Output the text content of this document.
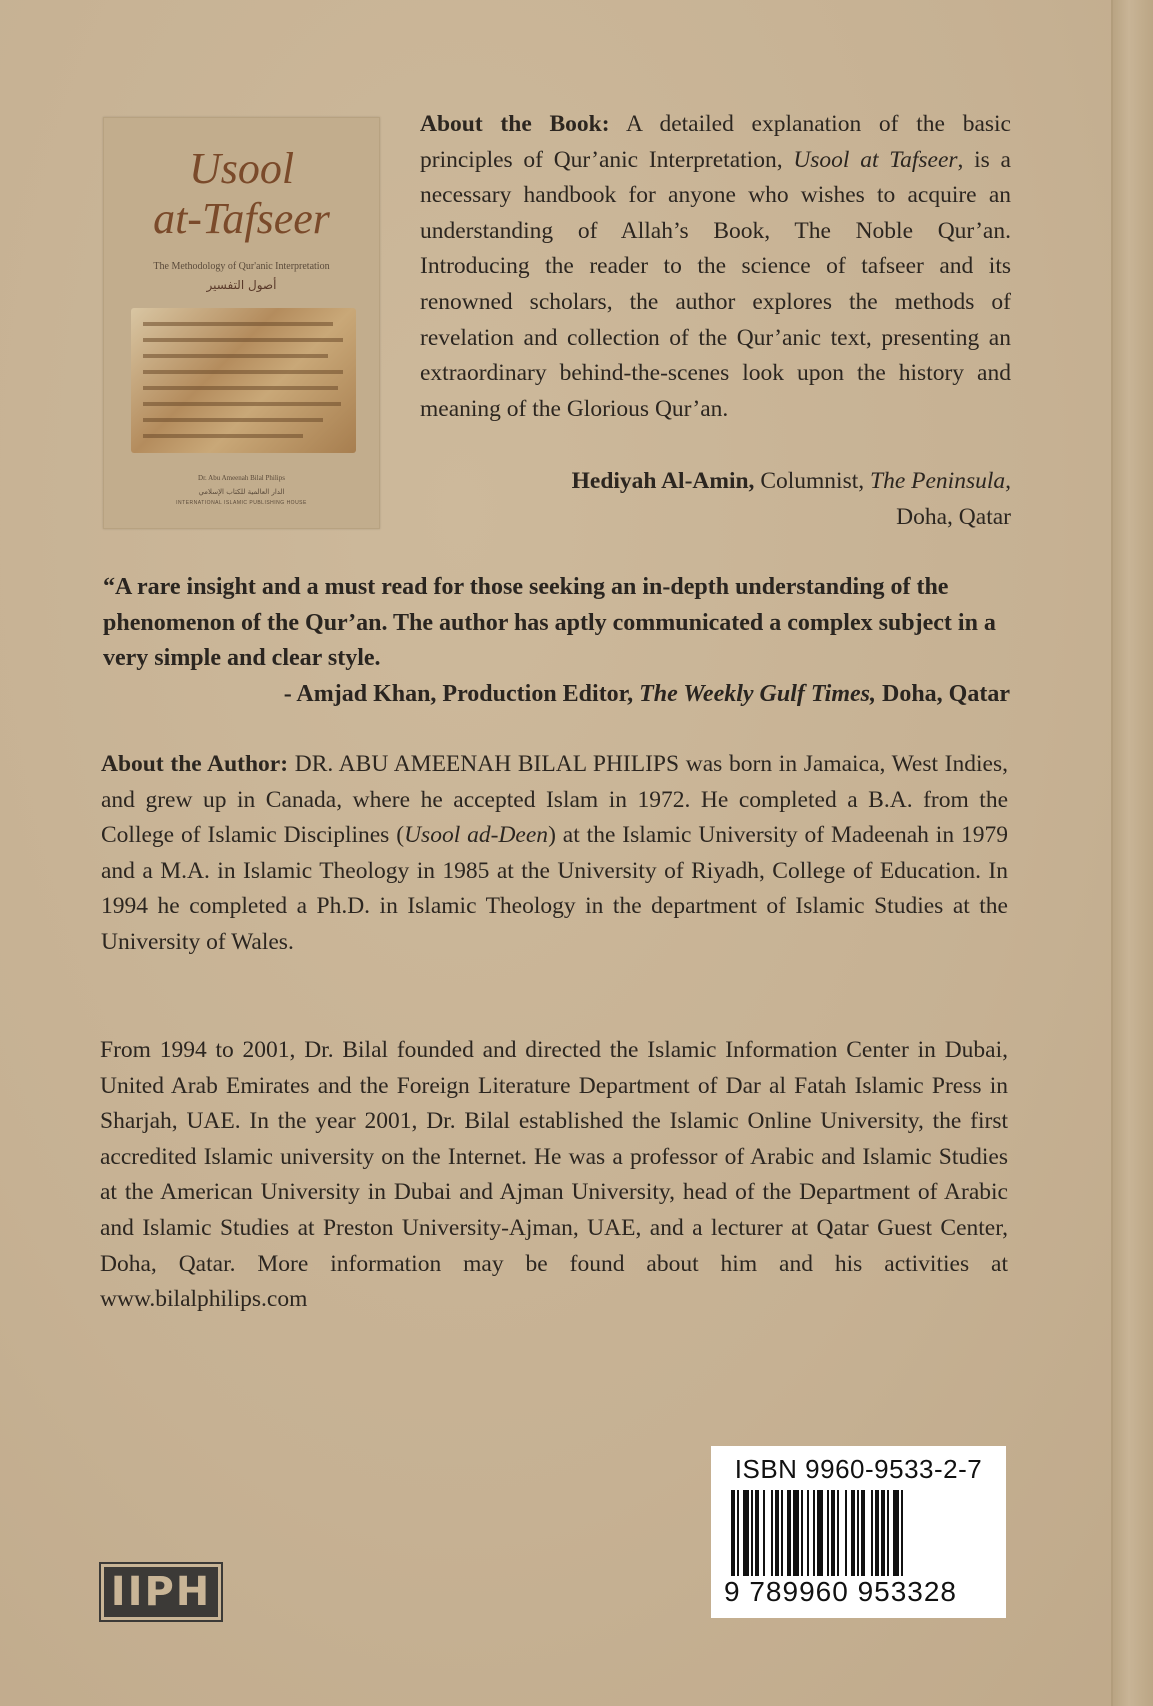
Usool
at-Tafseer
The Methodology of Qur'anic Interpretation
أصول التفسير
Dr. Abu Ameenah Bilal Philips
الدار العالمية للكتاب الإسلامي
INTERNATIONAL ISLAMIC PUBLISHING HOUSE
About the Book: A detailed explanation of the basic principles of Qur’anic Interpretation, Usool at Tafseer, is a necessary handbook for anyone who wishes to acquire an understanding of Allah’s Book, The Noble Qur’an. Introducing the reader to the science of tafseer and its renowned scholars, the author explores the methods of revelation and collection of the Qur’anic text, presenting an extraordinary behind-the-scenes look upon the history and meaning of the Glorious Qur’an.
Hediyah Al-Amin, Columnist, The Peninsula,
Doha, Qatar
“A rare insight and a must read for those seeking an in-depth understanding of the phenomenon of the Qur’an. The author has aptly communicated a complex subject in a very simple and clear style.
- Amjad Khan, Production Editor, The Weekly Gulf Times, Doha, Qatar
About the Author: DR. ABU AMEENAH BILAL PHILIPS was born in Jamaica, West Indies, and grew up in Canada, where he accepted Islam in 1972. He completed a B.A. from the College of Islamic Disciplines (Usool ad-Deen) at the Islamic University of Madeenah in 1979 and a M.A. in Islamic Theology in 1985 at the University of Riyadh, College of Education. In 1994 he completed a Ph.D. in Islamic Theology in the department of Islamic Studies at the University of Wales.
From 1994 to 2001, Dr. Bilal founded and directed the Islamic Information Center in Dubai, United Arab Emirates and the Foreign Literature Department of Dar al Fatah Islamic Press in Sharjah, UAE. In the year 2001, Dr. Bilal established the Islamic Online University, the first accredited Islamic university on the Internet. He was a professor of Arabic and Islamic Studies at the American University in Dubai and Ajman University, head of the Department of Arabic and Islamic Studies at Preston University-Ajman, UAE, and a lecturer at Qatar Guest Center, Doha, Qatar. More information may be found about him and his activities at www.bilalphilips.com
IIPH
ISBN 9960-9533-2-7
9 789960 953328
